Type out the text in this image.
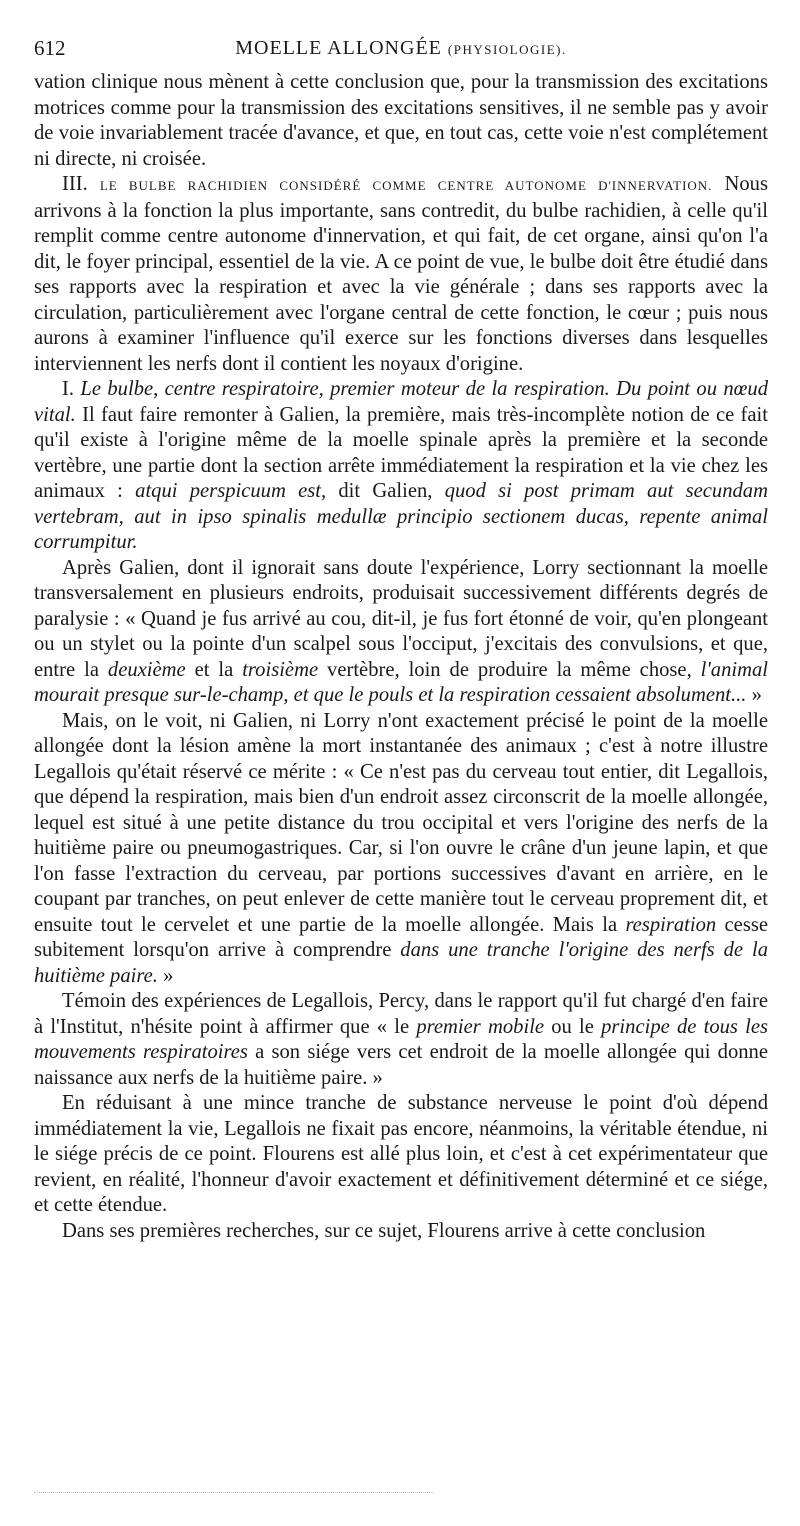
612	MOELLE ALLONGÉE (PHYSIOLOGIE).

vation clinique nous mènent à cette conclusion que, pour la transmission des excitations motrices comme pour la transmission des excitations sensitives, il ne semble pas y avoir de voie invariablement tracée d'avance, et que, en tout cas, cette voie n'est complétement ni directe, ni croisée.

III. LE BULBE RACHIDIEN CONSIDÉRÉ COMME CENTRE AUTONOME D'INNERVATION. Nous arrivons à la fonction la plus importante, sans contredit, du bulbe rachidien, à celle qu'il remplit comme centre autonome d'innervation, et qui fait, de cet organe, ainsi qu'on l'a dit, le foyer principal, essentiel de la vie. A ce point de vue, le bulbe doit être étudié dans ses rapports avec la respiration et avec la vie générale ; dans ses rapports avec la circulation, particulièrement avec l'organe central de cette fonction, le cœur ; puis nous aurons à examiner l'influence qu'il exerce sur les fonctions diverses dans lesquelles interviennent les nerfs dont il contient les noyaux d'origine.

I. Le bulbe, centre respiratoire, premier moteur de la respiration. Du point ou nœud vital. Il faut faire remonter à Galien, la première, mais très-incomplète notion de ce fait qu'il existe à l'origine même de la moelle spinale après la première et la seconde vertèbre, une partie dont la section arrête immédiatement la respiration et la vie chez les animaux : atqui perspicuum est, dit Galien, quod si post primam aut secundam vertebram, aut in ipso spinalis medullæ principio sectionem ducas, repente animal corrumpitur.

Après Galien, dont il ignorait sans doute l'expérience, Lorry sectionnant la moelle transversalement en plusieurs endroits, produisait successivement différents degrés de paralysie : « Quand je fus arrivé au cou, dit-il, je fus fort étonné de voir, qu'en plongeant ou un stylet ou la pointe d'un scalpel sous l'occiput, j'excitais des convulsions, et que, entre la deuxième et la troisième vertèbre, loin de produire la même chose, l'animal mourait presque sur-le-champ, et que le pouls et la respiration cessaient absolument... »

Mais, on le voit, ni Galien, ni Lorry n'ont exactement précisé le point de la moelle allongée dont la lésion amène la mort instantanée des animaux ; c'est à notre illustre Legallois qu'était réservé ce mérite : « Ce n'est pas du cerveau tout entier, dit Legallois, que dépend la respiration, mais bien d'un endroit assez circonscrit de la moelle allongée, lequel est situé à une petite distance du trou occipital et vers l'origine des nerfs de la huitième paire ou pneumogastriques. Car, si l'on ouvre le crâne d'un jeune lapin, et que l'on fasse l'extraction du cerveau, par portions successives d'avant en arrière, en le coupant par tranches, on peut enlever de cette manière tout le cerveau proprement dit, et ensuite tout le cervelet et une partie de la moelle allongée. Mais la respiration cesse subitement lorsqu'on arrive à comprendre dans une tranche l'origine des nerfs de la huitième paire. »

Témoin des expériences de Legallois, Percy, dans le rapport qu'il fut chargé d'en faire à l'Institut, n'hésite point à affirmer que « le premier mobile ou le principe de tous les mouvements respiratoires a son siége vers cet endroit de la moelle allongée qui donne naissance aux nerfs de la huitième paire. »

En réduisant à une mince tranche de substance nerveuse le point d'où dépend immédiatement la vie, Legallois ne fixait pas encore, néanmoins, la véritable étendue, ni le siége précis de ce point. Flourens est allé plus loin, et c'est à cet expérimentateur que revient, en réalité, l'honneur d'avoir exactement et définitivement déterminé et ce siége, et cette étendue.

Dans ses premières recherches, sur ce sujet, Flourens arrive à cette conclusion
